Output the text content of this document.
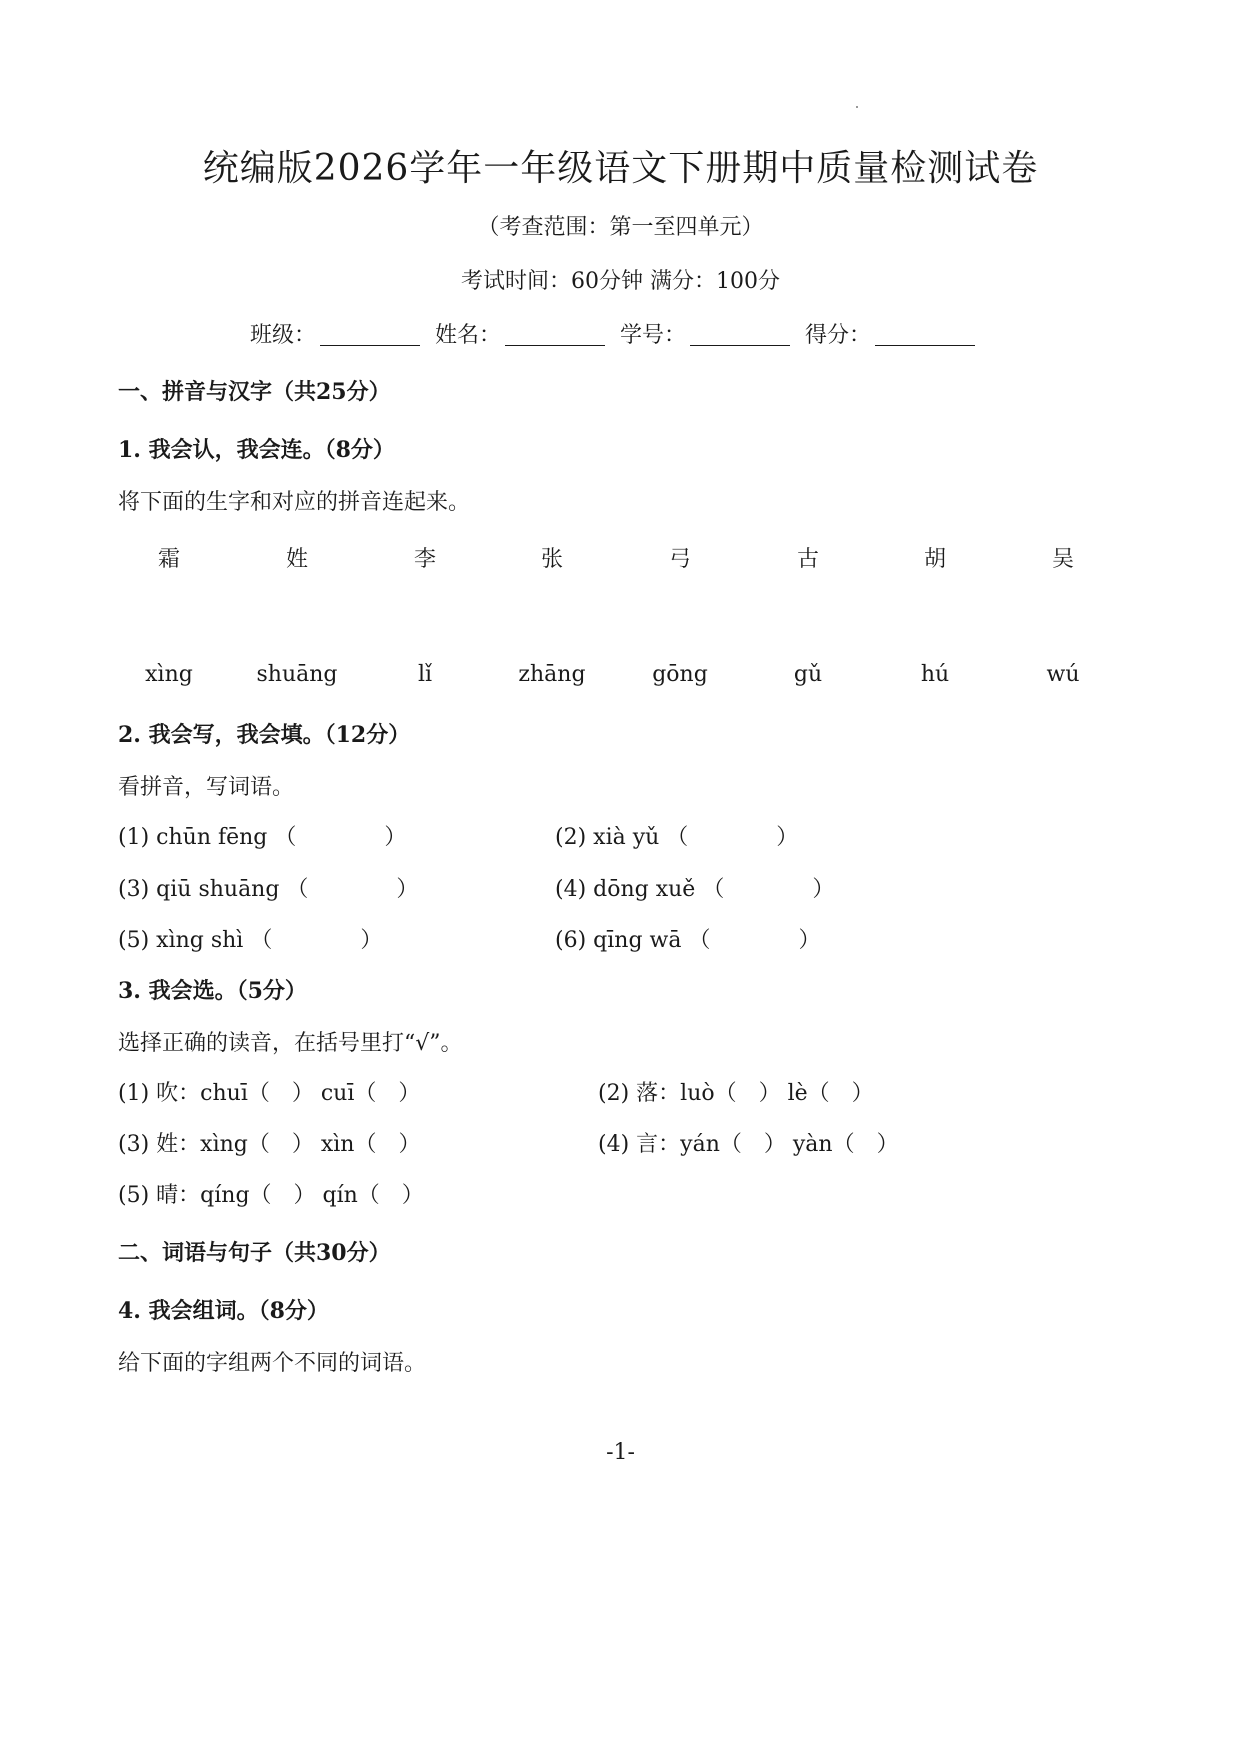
统编版2026学年一年级语文下册期中质量检测试卷
（考查范围：第一至四单元）
考试时间：60分钟 满分：100分
班级：	姓名：	学号：	得分：
一、拼音与汉字（共25分）
1. 我会认，我会连。（8分）
将下面的生字和对应的拼音连起来。
霜	姓	李	张	弓	古	胡	吴
xìng	shuāng	lǐ	zhāng	gōng	gǔ	hú	wú
2. 我会写，我会填。（12分）
看拼音，写词语。
(1) chūn fēng （　　　　）	(2) xià yǔ （　　　　）
(3) qiū shuāng （　　　　）	(4) dōng xuě （　　　　）
(5) xìng shì （　　　　）	(6) qīng wā （　　　　）
3. 我会选。（5分）
选择正确的读音，在括号里打“√”。
(1) 吹：chuī（　） cuī（　）	(2) 落：luò（　） lè（　）
(3) 姓：xìng（　） xìn（　）	(4) 言：yán（　） yàn（　）
(5) 晴：qíng（　） qín（　）
二、词语与句子（共30分）
4. 我会组词。（8分）
给下面的字组两个不同的词语。
-1-
